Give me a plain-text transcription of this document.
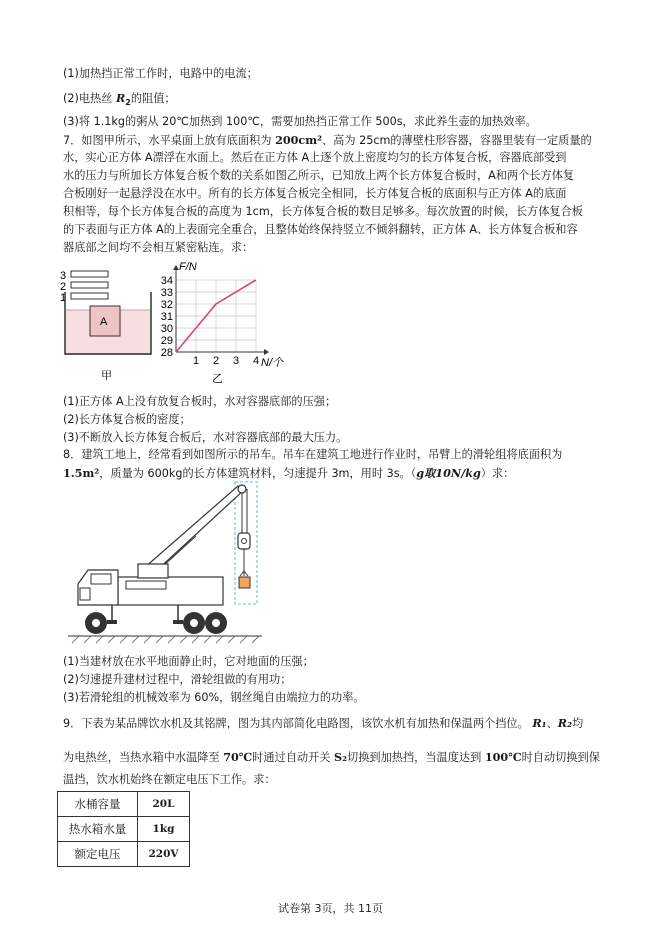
(1)加热挡正常工作时，电路中的电流；
(2)电热丝 $R_2$的阻值；
(3)将 1.1kg的粥从 20℃加热到 100℃，需要加热挡正常工作 500s，求此养生壶的加热效率。
7．如图甲所示，水平桌面上放有底面积为 200cm²、高为 25cm的薄壁柱形容器，容器里装有一定质量的
水，实心正方体 A漂浮在水面上。然后在正方体 A上逐个放上密度均匀的长方体复合板，容器底部受到
水的压力与所加长方体复合板个数的关系如图乙所示，已知放上两个长方体复合板时，A和两个长方体复
合板刚好一起悬浮没在水中。所有的长方体复合板完全相同，长方体复合板的底面积与正方体 A的底面
积相等，每个长方体复合板的高度为 1cm，长方体复合板的数目足够多。每次放置的时候，长方体复合板
的下表面与正方体 A的上表面完全重合，且整体始终保持竖立不倾斜翻转，正方体 A、长方体复合板和容
器底部之间均不会相互紧密粘连。求：
3
2
1
A
甲
34
33
32
31
30
29
28
1 2 3 4
F/N
N/个
乙
(1)正方体 A上没有放复合板时，水对容器底部的压强；
(2)长方体复合板的密度；
(3)不断放入长方体复合板后，水对容器底部的最大压力。
8．建筑工地上，经常看到如图所示的吊车。吊车在建筑工地进行作业时，吊臂上的滑轮组将底面积为
1.5m²，质量为 600kg的长方体建筑材料，匀速提升 3m，用时 3s。（g取10N/kg）求：
(1)当建材放在水平地面静止时，它对地面的压强；
(2)匀速提升建材过程中，滑轮组做的有用功；
(3)若滑轮组的机械效率为 60%，钢丝绳自由端拉力的功率。
9．下表为某品牌饮水机及其铭牌，图为其内部简化电路图，该饮水机有加热和保温两个挡位。 R₁、R₂均
为电热丝，当热水箱中水温降至 70℃时通过自动开关 S₂切换到加热挡，当温度达到 100℃时自动切换到保
温挡，饮水机始终在额定电压下工作。求：
水桶容量	20L
热水箱水量	1kg
额定电压	220V
试卷第 3页，共 11页
